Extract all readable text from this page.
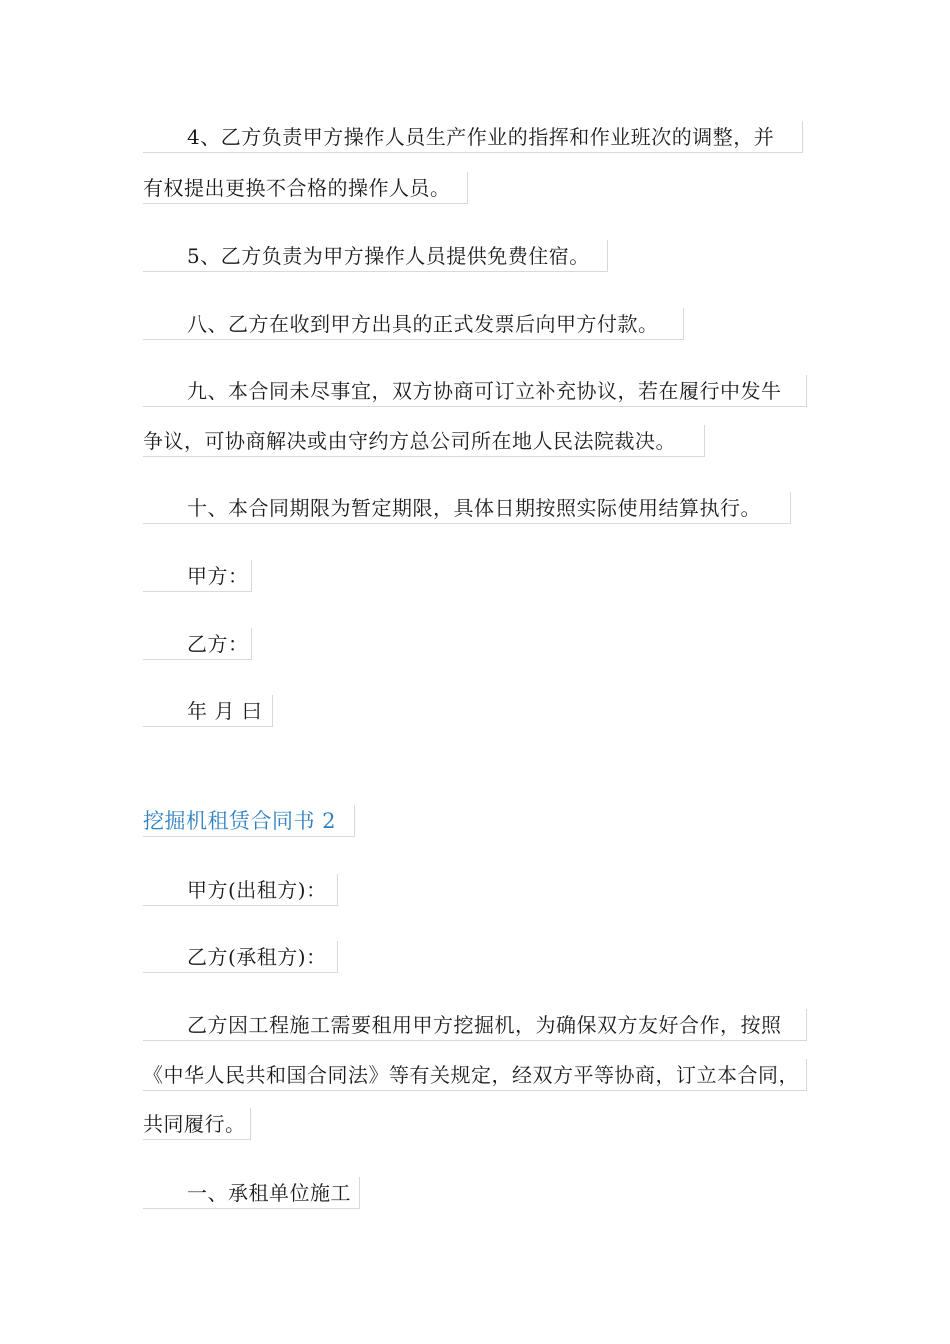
4、乙方负责甲方操作人员生产作业的指挥和作业班次的调整，并
有权提出更换不合格的操作人员。
5、乙方负责为甲方操作人员提供免费住宿。
八、乙方在收到甲方出具的正式发票后向甲方付款。
九、本合同未尽事宜，双方协商可订立补充协议，若在履行中发牛
争议，可协商解决或由守约方总公司所在地人民法院裁决。
十、本合同期限为暂定期限，具体日期按照实际使用结算执行。
甲方：
乙方：
年 月 曰
挖掘机租赁合同书 2
甲方(出租方)：
乙方(承租方)：
乙方因工程施工需要租用甲方挖掘机，为确保双方友好合作，按照
《中华人民共和国合同法》等有关规定，经双方平等协商，订立本合同，
共同履行。
一、承租单位施工
